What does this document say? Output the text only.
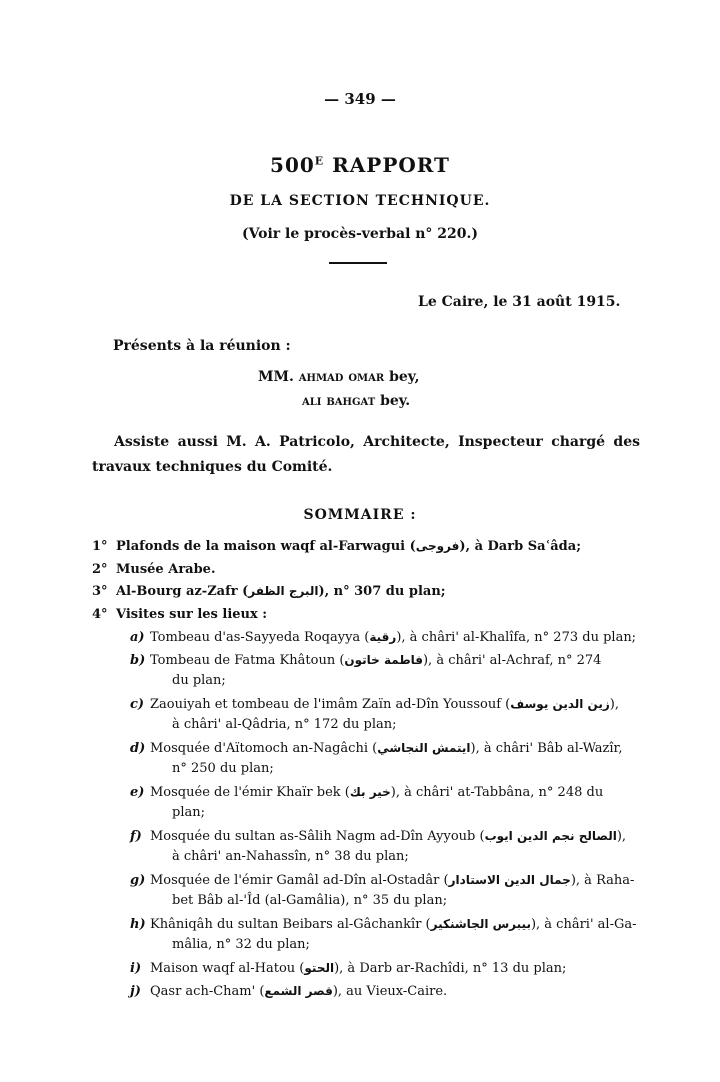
— 349 —
$500^E$ RAPPORT
DE LA SECTION TECHNIQUE.
(Voir le procès-verbal n° 220.)
Le Caire, le 31 août 1915.
Présents à la réunion :
MM. AHMAD OMAR bey,
ALI BAHGAT bey.
Assiste aussi M. A. Patricolo, Architecte, Inspecteur chargé des travaux techniques du Comité.
SOMMAIRE :
1° Plafonds de la maison waqf al-Farwagui (فروجى), à Darb Saʿâda;
2° Musée Arabe.
3° Al-Bourg az-Zafr (البرج الظفر), n° 307 du plan;
4° Visites sur les lieux :
a) Tombeau d'as-Sayyeda Roqayya (رقية), à châri' al-Khalîfa, n° 273 du plan;
b) Tombeau de Fatma Khâtoun (فاطمة خاتون), à châri' al-Achraf, n° 274
du plan;
c) Zaouiyah et tombeau de l'imâm Zaïn ad-Dîn Youssouf (زين الدين يوسف),
à châri' al-Qâdria, n° 172 du plan;
d) Mosquée d'Aïtomoch an-Nagâchi (ايتمش النجاشي), à châri' Bâb al-Wazîr,
n° 250 du plan;
e) Mosquée de l'émir Khaïr bek (خير بك), à châri' at-Tabbâna, n° 248 du
plan;
f) Mosquée du sultan as-Sâlih Nagm ad-Dîn Ayyoub (الصالح نجم الدين ايوب),
à châri' an-Nahassîn, n° 38 du plan;
g) Mosquée de l'émir Gamâl ad-Dîn al-Ostadâr (جمال الدين الاستادار), à Raha-
bet Bâb al-'Îd (al-Gamâlia), n° 35 du plan;
h) Khâniqâh du sultan Beibars al-Gâchankîr (بيبرس الجاشنكير), à châri' al-Ga-
mâlia, n° 32 du plan;
i) Maison waqf al-Hatou (الحتو), à Darb ar-Rachîdi, n° 13 du plan;
j) Qasr ach-Cham' (قصر الشمع), au Vieux-Caire.
